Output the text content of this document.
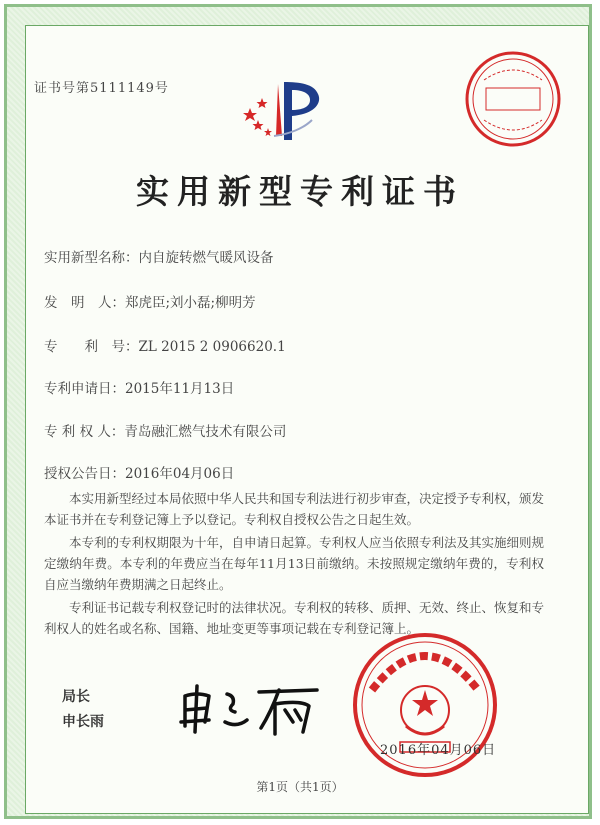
证书号第5111149号
实用新型专利证书
实用新型名称：内自旋转燃气暖风设备
发　明　人：郑虎臣;刘小磊;柳明芳
专　　利　号：ZL 2015 2 0906620.1
专利申请日：2015年11月13日
专 利 权 人：青岛融汇燃气技术有限公司
授权公告日：2016年04月06日

本实用新型经过本局依照中华人民共和国专利法进行初步审查，决定授予专利权，颁发本证书并在专利登记簿上予以登记。专利权自授权公告之日起生效。

本专利的专利权期限为十年，自申请日起算。专利权人应当依照专利法及其实施细则规定缴纳年费。本专利的年费应当在每年11月13日前缴纳。未按照规定缴纳年费的，专利权自应当缴纳年费期满之日起终止。

专利证书记载专利权登记时的法律状况。专利权的转移、质押、无效、终止、恢复和专利权人的姓名或名称、国籍、地址变更等事项记载在专利登记簿上。

局长
申长雨
2016年04月06日
第1页（共1页）
